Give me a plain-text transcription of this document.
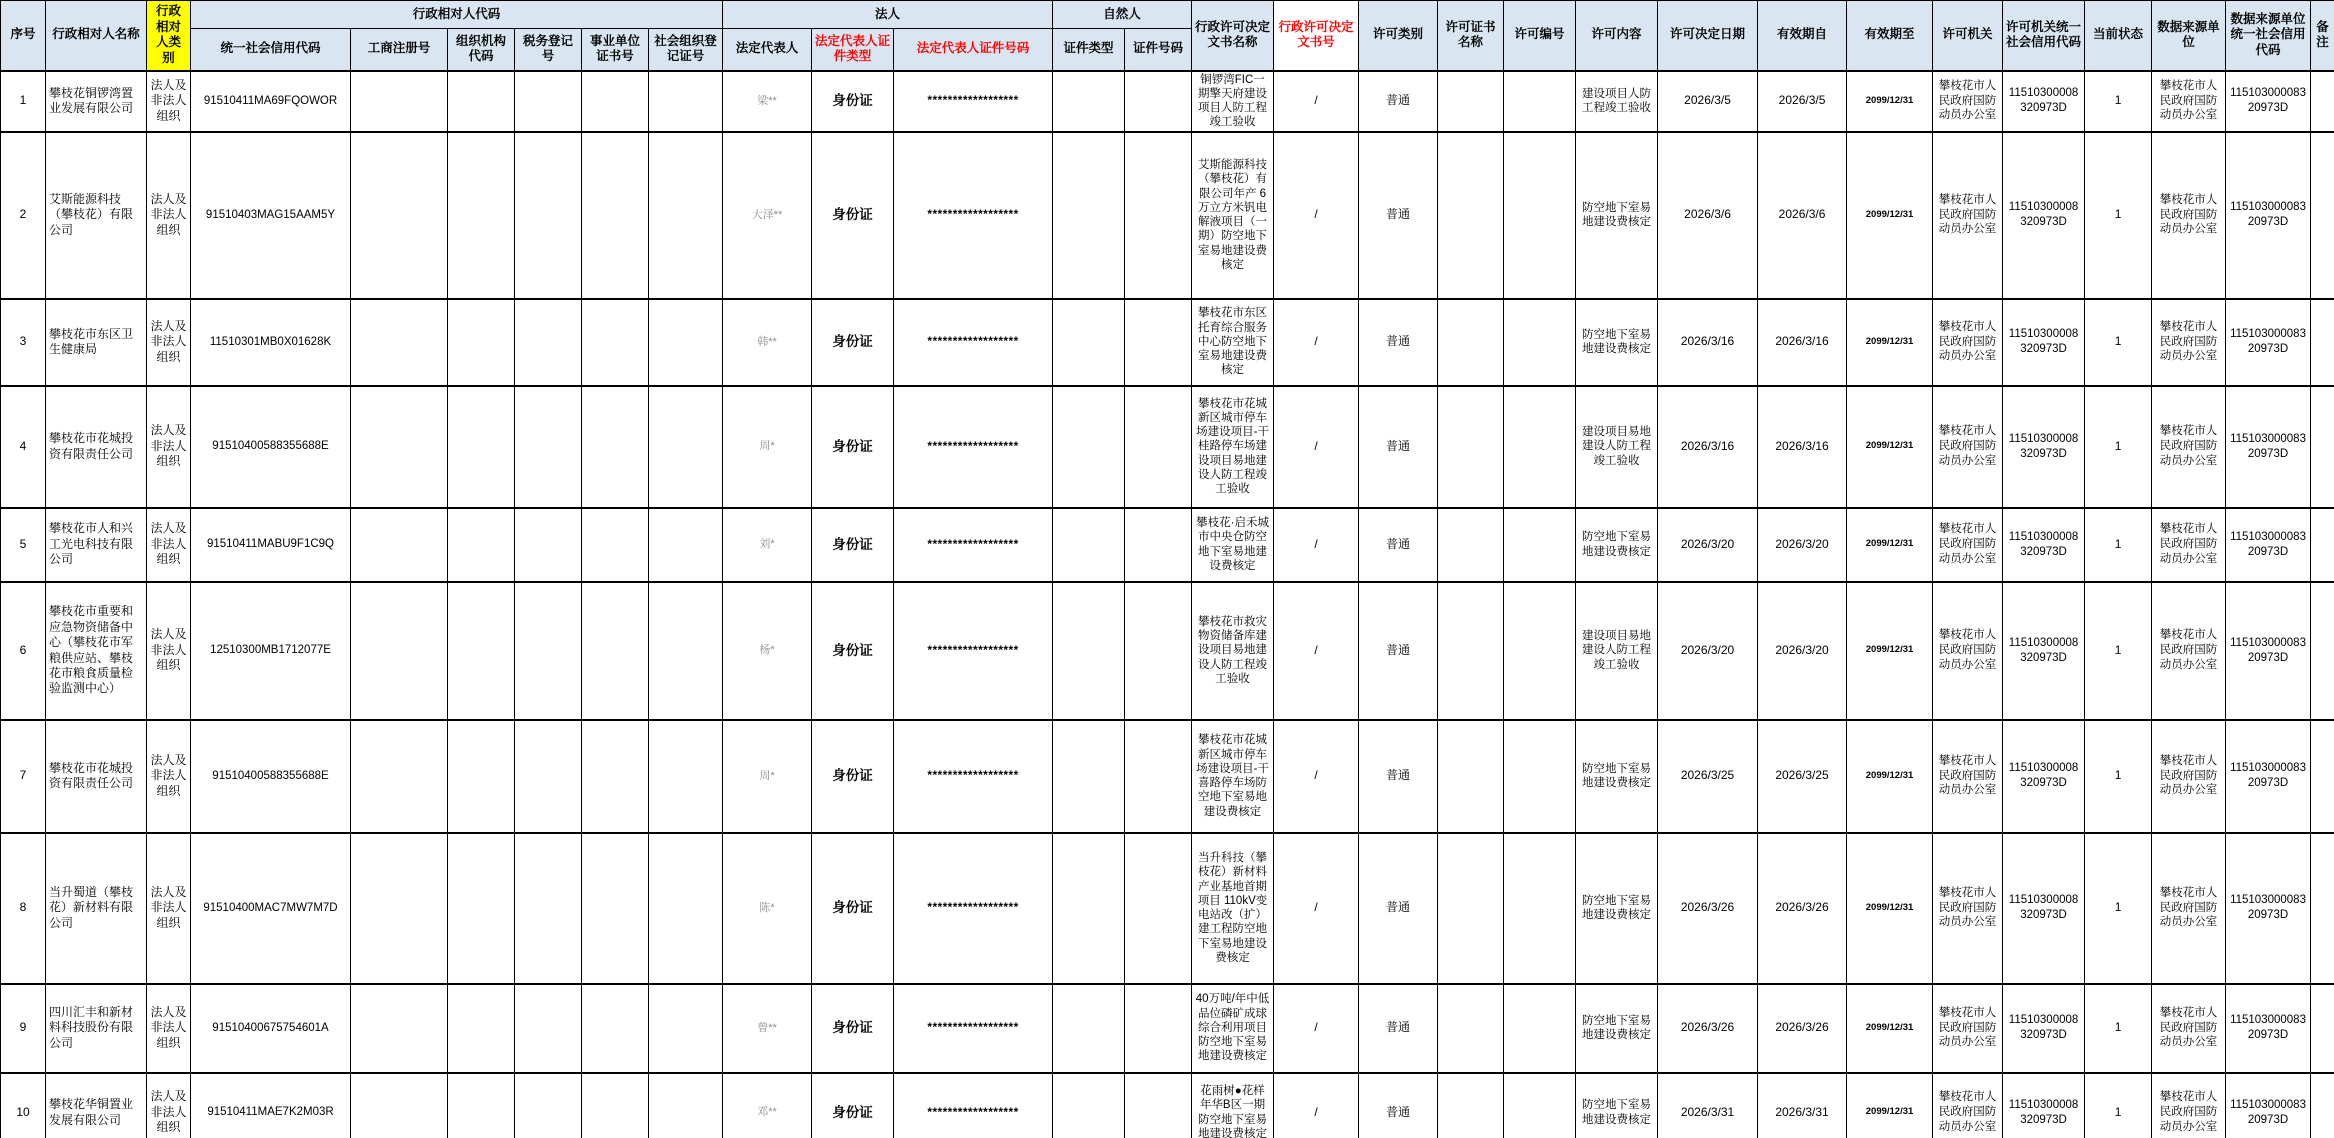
序号	行政相对人名称	行政相对人类别	行政相对人代码						法人			自然人		行政许可决定文书名称	行政许可决定文书号	许可类别	许可证书名称	许可编号	许可内容	许可决定日期	有效期自	有效期至	许可机关	许可机关统一社会信用代码	当前状态	数据来源单位	数据来源单位统一社会信用代码	备注
			统一社会信用代码	工商注册号	组织机构代码	税务登记号	事业单位证书号	社会组织登记证号	法定代表人	法定代表人证件类型	法定代表人证件号码	证件类型	证件号码															
1	攀枝花铜锣湾置业发展有限公司	法人及非法人组织	91510411MA69FQOWOR						梁**	身份证	******************			铜锣湾FIC一期擎天府建设项目人防工程竣工验收	/	普通			建设项目人防工程竣工验收	2026/3/5	2026/3/5	2099/12/31	攀枝花市人民政府国防动员办公室	11510300008320973D	1	攀枝花市人民政府国防动员办公室	11510300008320973D	
2	艾斯能源科技（攀枝花）有限公司	法人及非法人组织	91510403MAG15AAM5Y						大泽**	身份证	******************			艾斯能源科技（攀枝花）有限公司年产 6 万立方米钒电解液项目（一期）防空地下室易地建设费核定	/	普通			防空地下室易地建设费核定	2026/3/6	2026/3/6	2099/12/31	攀枝花市人民政府国防动员办公室	11510300008320973D	1	攀枝花市人民政府国防动员办公室	11510300008320973D	
3	攀枝花市东区卫生健康局	法人及非法人组织	11510301MB0X01628K						韩**	身份证	******************			攀枝花市东区托育综合服务中心防空地下室易地建设费核定	/	普通			防空地下室易地建设费核定	2026/3/16	2026/3/16	2099/12/31	攀枝花市人民政府国防动员办公室	11510300008320973D	1	攀枝花市人民政府国防动员办公室	11510300008320973D	
4	攀枝花市花城投资有限责任公司	法人及非法人组织	91510400588355688E						周*	身份证	******************			攀枝花市花城新区城市停车场建设项目-干桂路停车场建设项目易地建设人防工程竣工验收	/	普通			建设项目易地建设人防工程竣工验收	2026/3/16	2026/3/16	2099/12/31	攀枝花市人民政府国防动员办公室	11510300008320973D	1	攀枝花市人民政府国防动员办公室	11510300008320973D	
5	攀枝花市人和兴工光电科技有限公司	法人及非法人组织	91510411MABU9F1C9Q						刘*	身份证	******************			攀枝花·启禾城市中央仓防空地下室易地建设费核定	/	普通			防空地下室易地建设费核定	2026/3/20	2026/3/20	2099/12/31	攀枝花市人民政府国防动员办公室	11510300008320973D	1	攀枝花市人民政府国防动员办公室	11510300008320973D	
6	攀枝花市重要和应急物资储备中心（攀枝花市军粮供应站、攀枝花市粮食质量检验监测中心）	法人及非法人组织	12510300MB1712077E						杨*	身份证	******************			攀枝花市救灾物资储备库建设项目易地建设人防工程竣工验收	/	普通			建设项目易地建设人防工程竣工验收	2026/3/20	2026/3/20	2099/12/31	攀枝花市人民政府国防动员办公室	11510300008320973D	1	攀枝花市人民政府国防动员办公室	11510300008320973D	
7	攀枝花市花城投资有限责任公司	法人及非法人组织	91510400588355688E						周*	身份证	******************			攀枝花市花城新区城市停车场建设项目-干喜路停车场防空地下室易地建设费核定	/	普通			防空地下室易地建设费核定	2026/3/25	2026/3/25	2099/12/31	攀枝花市人民政府国防动员办公室	11510300008320973D	1	攀枝花市人民政府国防动员办公室	11510300008320973D	
8	当升蜀道（攀枝花）新材料有限公司	法人及非法人组织	91510400MAC7MW7M7D						陈*	身份证	******************			当升科技（攀枝花）新材料产业基地首期项目 110kV变电站改（扩）建工程防空地下室易地建设费核定	/	普通			防空地下室易地建设费核定	2026/3/26	2026/3/26	2099/12/31	攀枝花市人民政府国防动员办公室	11510300008320973D	1	攀枝花市人民政府国防动员办公室	11510300008320973D	
9	四川汇丰和新材料科技股份有限公司	法人及非法人组织	91510400675754601A						曾**	身份证	******************			40万吨/年中低品位磷矿成球综合利用项目防空地下室易地建设费核定	/	普通			防空地下室易地建设费核定	2026/3/26	2026/3/26	2099/12/31	攀枝花市人民政府国防动员办公室	11510300008320973D	1	攀枝花市人民政府国防动员办公室	11510300008320973D	
10	攀枝花华铜置业发展有限公司	法人及非法人组织	91510411MAE7K2M03R						邓**	身份证	******************			花雨树●花样年华B区一期防空地下室易地建设费核定	/	普通			防空地下室易地建设费核定	2026/3/31	2026/3/31	2099/12/31	攀枝花市人民政府国防动员办公室	11510300008320973D	1	攀枝花市人民政府国防动员办公室	11510300008320973D	
